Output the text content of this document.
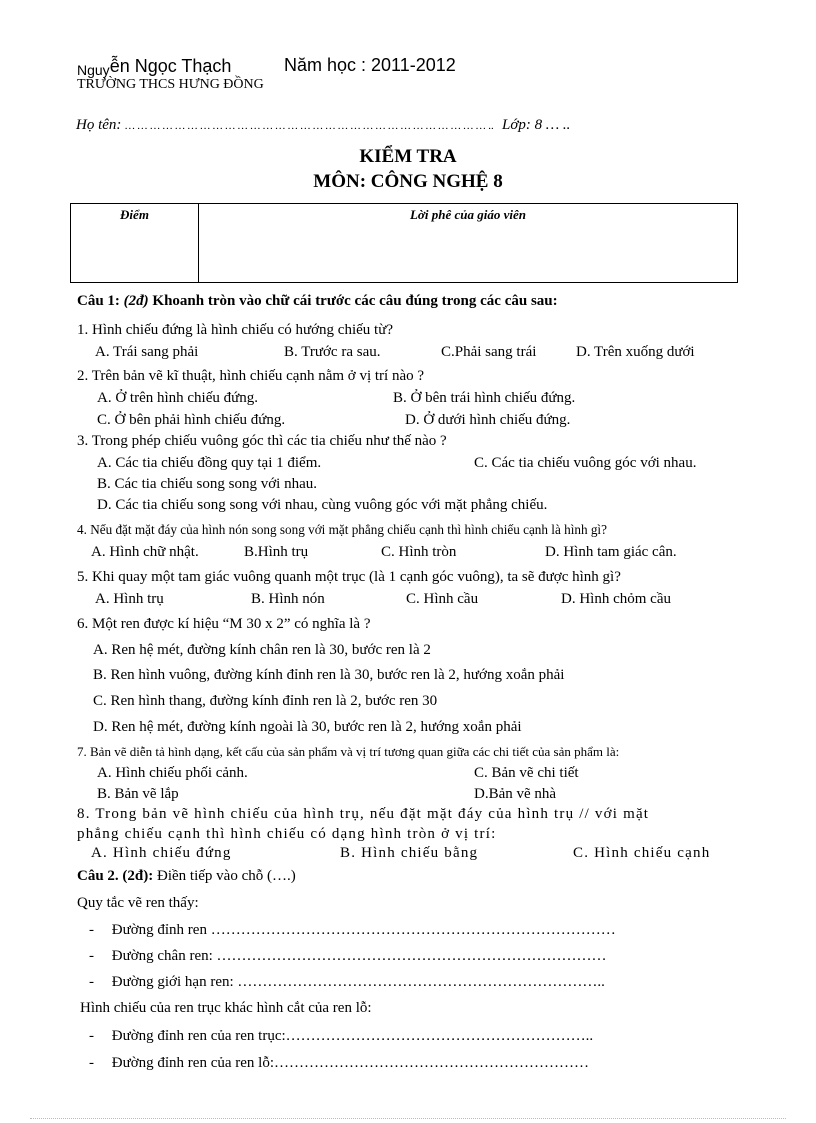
Nguyễn Ngọc Thạch	Năm học : 2011-2012
TRƯỜNG THCS HƯNG ĐỒNG
Họ tên: … … … … … … … … … … … … … … … … … … … … … … … … … … … … … .. Lớp: 8 … ..
KIỂM TRA
MÔN: CÔNG NGHỆ 8
Điểm	Lời phê của giáo viên
Câu 1: (2đ) Khoanh tròn vào chữ cái trước các câu đúng trong các câu sau:
1. Hình chiếu đứng là hình chiếu có hướng chiếu từ?
A. Trái sang phải	B. Trước ra sau.	C.Phải sang trái	D. Trên xuống dưới
2. Trên bản vẽ kĩ thuật, hình chiếu cạnh nằm ở vị trí nào ?
A. Ở trên hình chiếu đứng.	B. Ở bên trái hình chiếu đứng.
C. Ở bên phải hình chiếu đứng.	D. Ở dưới hình chiếu đứng.
3. Trong phép chiếu vuông góc thì các tia chiếu như thế nào ?
A. Các tia chiếu đồng quy tại 1 điểm.	C. Các tia chiếu vuông góc với nhau.
B. Các tia chiếu song song với nhau.
D. Các tia chiếu song song với nhau, cùng vuông góc với mặt phẳng chiếu.
4. Nếu đặt mặt đáy của hình nón song song với mặt phẳng chiếu cạnh thì hình chiếu cạnh là hình gì?
A. Hình chữ nhật.	B.Hình trụ	C. Hình tròn	D. Hình tam giác cân.
5. Khi quay một tam giác vuông quanh một trục (là 1 cạnh góc vuông), ta sẽ được hình gì?
A. Hình trụ	B. Hình nón	C. Hình cầu	D. Hình chỏm cầu
6. Một ren được kí hiệu “M 30 x 2” có nghĩa là ?
A. Ren hệ mét, đường kính chân ren là 30, bước ren là 2
B. Ren hình vuông, đường kính đỉnh ren là 30, bước ren là 2, hướng xoắn phải
C. Ren hình thang, đường kính đỉnh ren là 2, bước ren 30
D. Ren hệ mét, đường kính ngoài là 30, bước ren là 2, hướng xoắn phải
7. Bản vẽ diễn tả hình dạng, kết cấu của sản phẩm và vị trí tương quan giữa các chi tiết của sản phẩm là:
A. Hình chiếu phối cảnh.	C. Bản vẽ chi tiết
B. Bản vẽ lắp	D.Bản vẽ nhà
8. Trong bản vẽ hình chiếu của hình trụ, nếu đặt mặt đáy của hình trụ // với mặt
phẳng chiếu cạnh thì hình chiếu có dạng hình tròn ở vị trí:
A. Hình chiếu đứng	B. Hình chiếu bằng	C. Hình chiếu cạnh
Câu 2. (2đ): Điền tiếp vào chỗ (….)
Quy tắc vẽ ren thấy:
- Đường đỉnh ren ………………………………………………………………………
- Đường chân ren: ……………………………………………………………………
- Đường giới hạn ren: ………………………………………………………………..
Hình chiếu của ren trục khác hình cắt của ren lỗ:
- Đường đỉnh ren của ren trục:……………………………………………………..
- Đường đỉnh ren của ren lỗ:………………………………………………………
